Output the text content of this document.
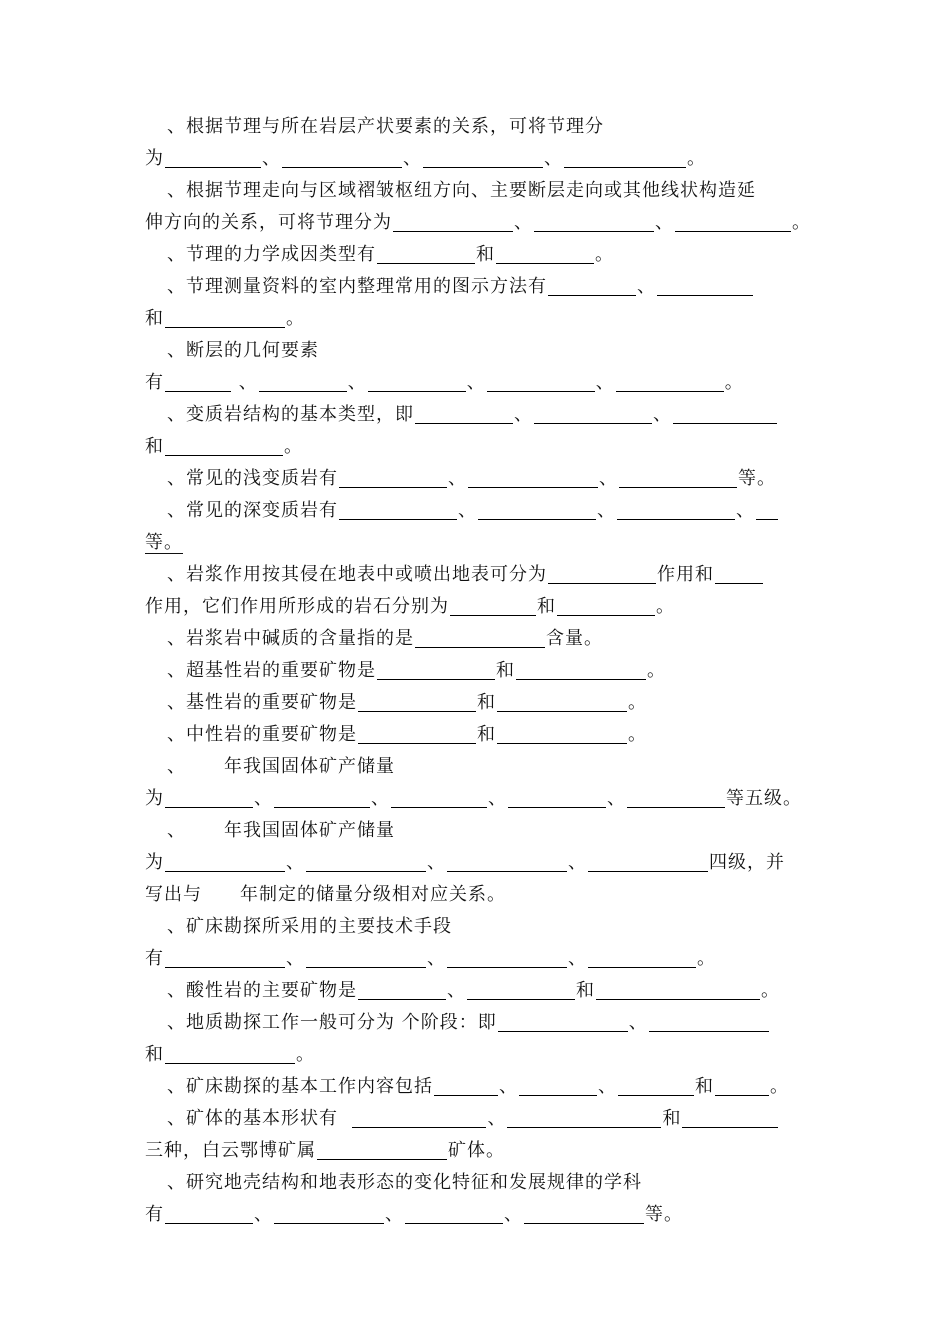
、根据节理与所在岩层产状要素的关系，可将节理分
为	、	、	、	。
、根据节理走向与区域褶皱枢纽方向、主要断层走向或其他线状构造延
伸方向的关系，可将节理分为	、	、	。
、节理的力学成因类型有	和	。
、节理测量资料的室内整理常用的图示方法有	、
和	。
、断层的几何要素
有	、	、	、	、	。
、变质岩结构的基本类型，即	、	、
和	。
、常见的浅变质岩有	、	、	等。
、常见的深变质岩有	、	、	、
等。
、岩浆作用按其侵在地表中或喷出地表可分为	作用和
作用，它们作用所形成的岩石分别为	和	。
、岩浆岩中碱质的含量指的是	含量。
、超基性岩的重要矿物是	和	。
、基性岩的重要矿物是	和	。
、中性岩的重要矿物是	和	。
、 年我国固体矿产储量
为	、	、	、	、	等五级。
、 年我国固体矿产储量
为	、	、	、	四级，并
写出与 年制定的储量分级相对应关系。
、矿床勘探所采用的主要技术手段
有	、	、	、	。
、酸性岩的主要矿物是	、	和	。
、地质勘探工作一般可分为 个阶段：即	、
和	。
、矿床勘探的基本工作内容包括	、	、	和	。
、矿体的基本形状有	、	和
三种，白云鄂博矿属	矿体。
、研究地壳结构和地表形态的变化特征和发展规律的学科
有	、	、	、	等。
